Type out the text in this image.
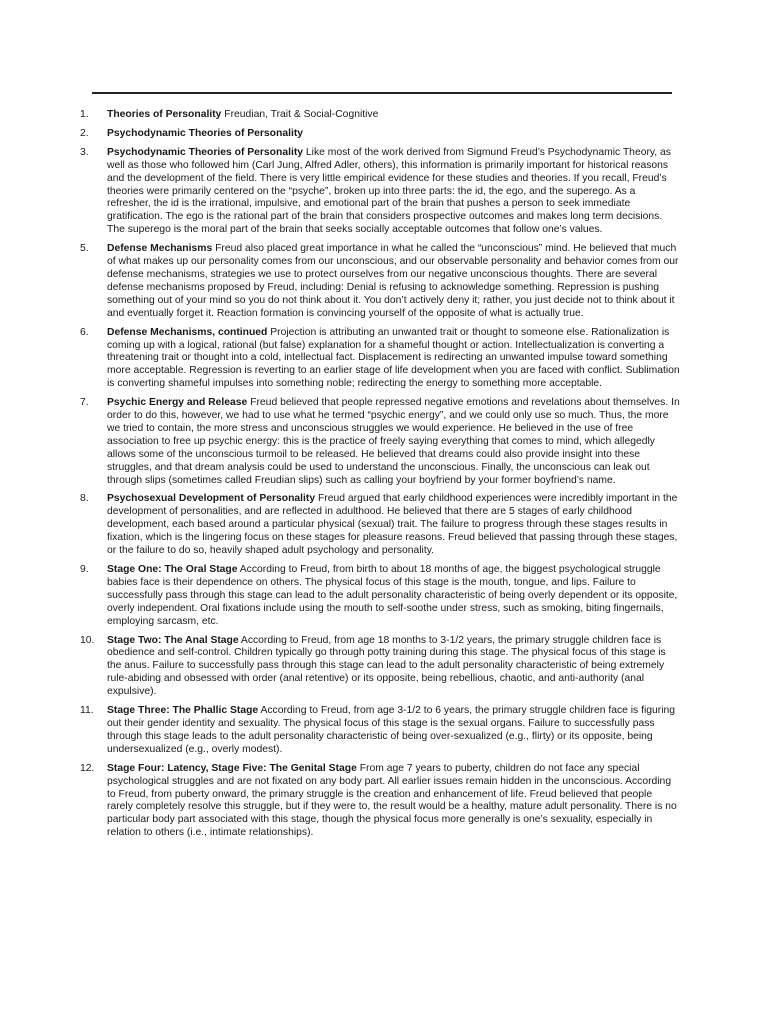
1.	Theories of Personality Freudian, Trait & Social-Cognitive
2.	Psychodynamic Theories of Personality
3.	Psychodynamic Theories of Personality Like most of the work derived from Sigmund Freud’s Psychodynamic Theory, as well as those who followed him (Carl Jung, Alfred Adler, others), this information is primarily important for historical reasons and the development of the field. There is very little empirical evidence for these studies and theories. If you recall, Freud’s theories were primarily centered on the “psyche”, broken up into three parts: the id, the ego, and the superego. As a refresher, the id is the irrational, impulsive, and emotional part of the brain that pushes a person to seek immediate gratification. The ego is the rational part of the brain that considers prospective outcomes and makes long term decisions. The superego is the moral part of the brain that seeks socially acceptable outcomes that follow one’s values.
5.	Defense Mechanisms Freud also placed great importance in what he called the “unconscious” mind. He believed that much of what makes up our personality comes from our unconscious, and our observable personality and behavior comes from our defense mechanisms, strategies we use to protect ourselves from our negative unconscious thoughts. There are several defense mechanisms proposed by Freud, including: Denial is refusing to acknowledge something. Repression is pushing something out of your mind so you do not think about it. You don’t actively deny it; rather, you just decide not to think about it and eventually forget it. Reaction formation is convincing yourself of the opposite of what is actually true.
6.	Defense Mechanisms, continued Projection is attributing an unwanted trait or thought to someone else. Rationalization is coming up with a logical, rational (but false) explanation for a shameful thought or action. Intellectualization is converting a threatening trait or thought into a cold, intellectual fact. Displacement is redirecting an unwanted impulse toward something more acceptable. Regression is reverting to an earlier stage of life development when you are faced with conflict. Sublimation is converting shameful impulses into something noble; redirecting the energy to something more acceptable.
7.	Psychic Energy and Release Freud believed that people repressed negative emotions and revelations about themselves. In order to do this, however, we had to use what he termed “psychic energy”, and we could only use so much. Thus, the more we tried to contain, the more stress and unconscious struggles we would experience. He believed in the use of free association to free up psychic energy: this is the practice of freely saying everything that comes to mind, which allegedly allows some of the unconscious turmoil to be released. He believed that dreams could also provide insight into these struggles, and that dream analysis could be used to understand the unconscious. Finally, the unconscious can leak out through slips (sometimes called Freudian slips) such as calling your boyfriend by your former boyfriend’s name.
8.	Psychosexual Development of Personality Freud argued that early childhood experiences were incredibly important in the development of personalities, and are reflected in adulthood. He believed that there are 5 stages of early childhood development, each based around a particular physical (sexual) trait. The failure to progress through these stages results in fixation, which is the lingering focus on these stages for pleasure reasons. Freud believed that passing through these stages, or the failure to do so, heavily shaped adult psychology and personality.
9.	Stage One: The Oral Stage According to Freud, from birth to about 18 months of age, the biggest psychological struggle babies face is their dependence on others. The physical focus of this stage is the mouth, tongue, and lips. Failure to successfully pass through this stage can lead to the adult personality characteristic of being overly dependent or its opposite, overly independent. Oral fixations include using the mouth to self-soothe under stress, such as smoking, biting fingernails, employing sarcasm, etc.
10.	Stage Two: The Anal Stage According to Freud, from age 18 months to 3-1/2 years, the primary struggle children face is obedience and self-control. Children typically go through potty training during this stage. The physical focus of this stage is the anus. Failure to successfully pass through this stage can lead to the adult personality characteristic of being extremely rule-abiding and obsessed with order (anal retentive) or its opposite, being rebellious, chaotic, and anti-authority (anal expulsive).
11.	Stage Three: The Phallic Stage According to Freud, from age 3-1/2 to 6 years, the primary struggle children face is figuring out their gender identity and sexuality. The physical focus of this stage is the sexual organs. Failure to successfully pass through this stage leads to the adult personality characteristic of being over-sexualized (e.g., flirty) or its opposite, being undersexualized (e.g., overly modest).
12.	Stage Four: Latency, Stage Five: The Genital Stage From age 7 years to puberty, children do not face any special psychological struggles and are not fixated on any body part. All earlier issues remain hidden in the unconscious. According to Freud, from puberty onward, the primary struggle is the creation and enhancement of life. Freud believed that people rarely completely resolve this struggle, but if they were to, the result would be a healthy, mature adult personality. There is no particular body part associated with this stage, though the physical focus more generally is one’s sexuality, especially in relation to others (i.e., intimate relationships).
